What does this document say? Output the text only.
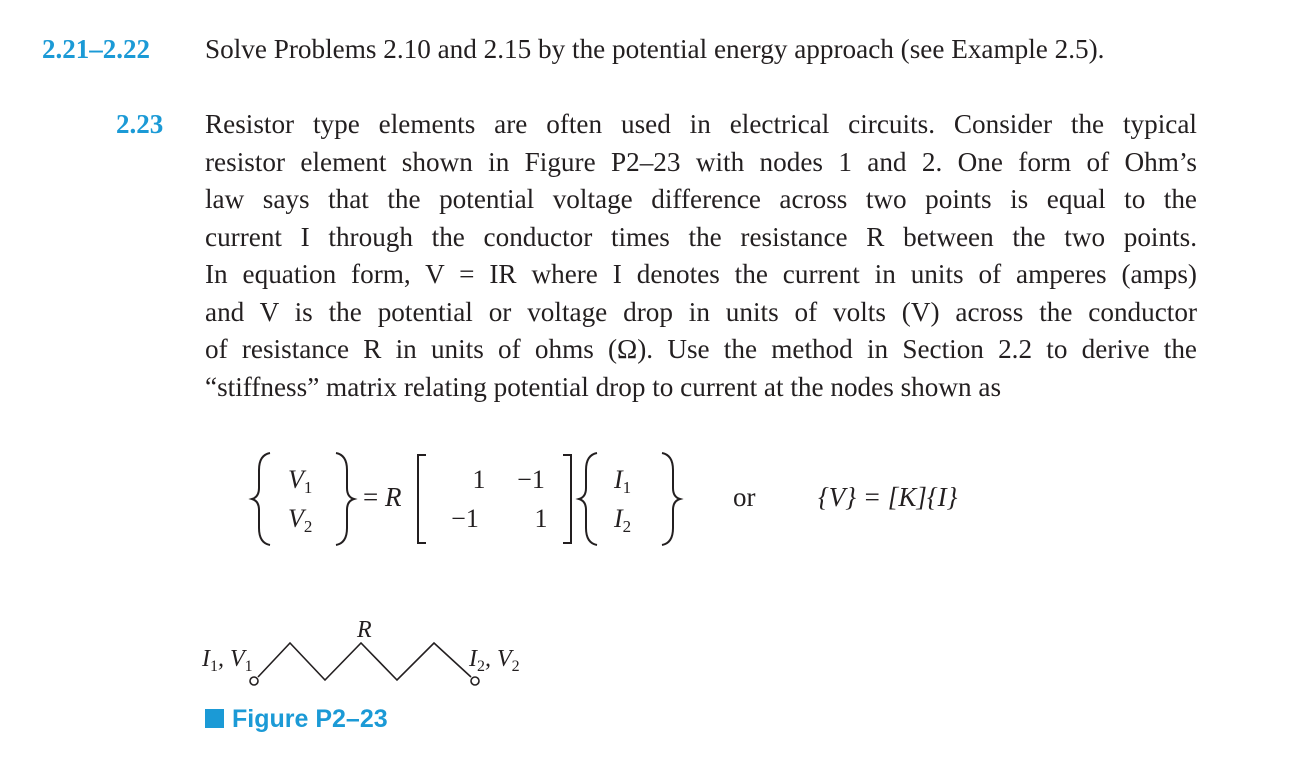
2.21–2.22 Solve Problems 2.10 and 2.15 by the potential energy approach (see Example 2.5).
2.23 Resistor type elements are often used in electrical circuits. Consider the typical
resistor element shown in Figure P2–23 with nodes 1 and 2. One form of Ohm’s
law says that the potential voltage difference across two points is equal to the
current I through the conductor times the resistance R between the two points.
In equation form, V = IR where I denotes the current in units of amperes (amps)
and V is the potential or voltage drop in units of volts (V) across the conductor
of resistance R in units of ohms (Ω). Use the method in Section 2.2 to derive the
“stiffness” matrix relating potential drop to current at the nodes shown as
V1
V2
= R
1 −1
−1 1
I1
I2
or {V} = [K]{I}
R
$I_1$, $V_1$	$I_2$, $V_2$
Figure P2–23
